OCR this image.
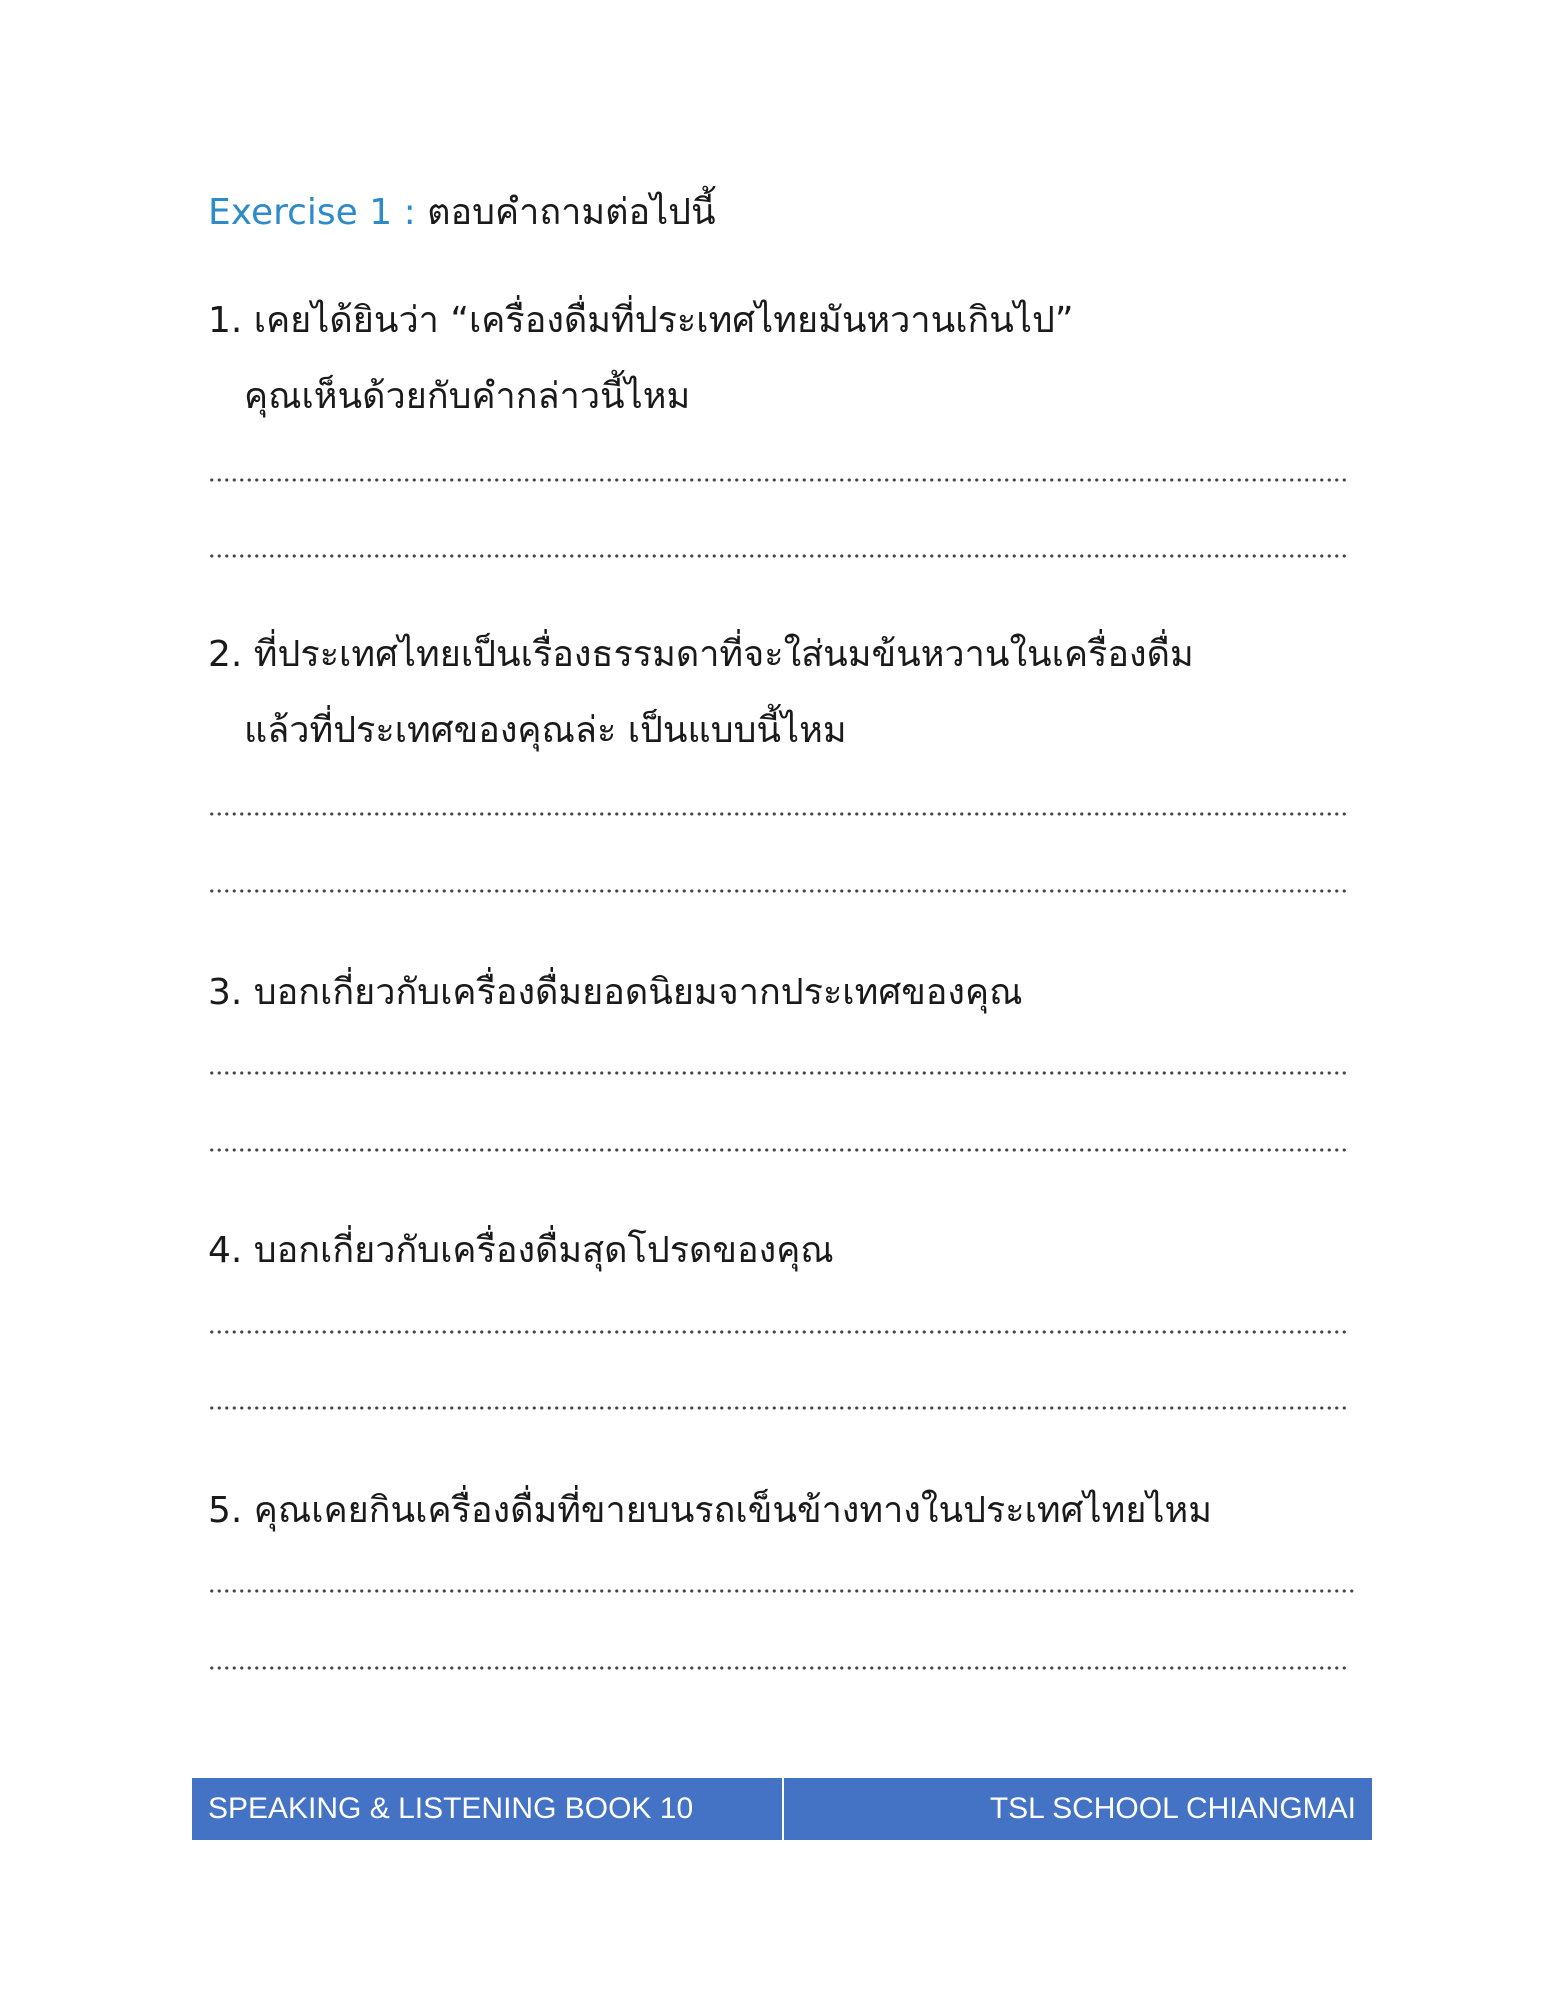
Exercise 1 : ตอบคำถามต่อไปนี้
1. เคยได้ยินว่า “เครื่องดื่มที่ประเทศไทยมันหวานเกินไป”
คุณเห็นด้วยกับคำกล่าวนี้ไหม
2. ที่ประเทศไทยเป็นเรื่องธรรมดาที่จะใส่นมข้นหวานในเครื่องดื่ม
แล้วที่ประเทศของคุณล่ะ เป็นแบบนี้ไหม
3. บอกเกี่ยวกับเครื่องดื่มยอดนิยมจากประเทศของคุณ
4. บอกเกี่ยวกับเครื่องดื่มสุดโปรดของคุณ
5. คุณเคยกินเครื่องดื่มที่ขายบนรถเข็นข้างทางในประเทศไทยไหม
SPEAKING & LISTENING BOOK 10	TSL SCHOOL CHIANGMAI
